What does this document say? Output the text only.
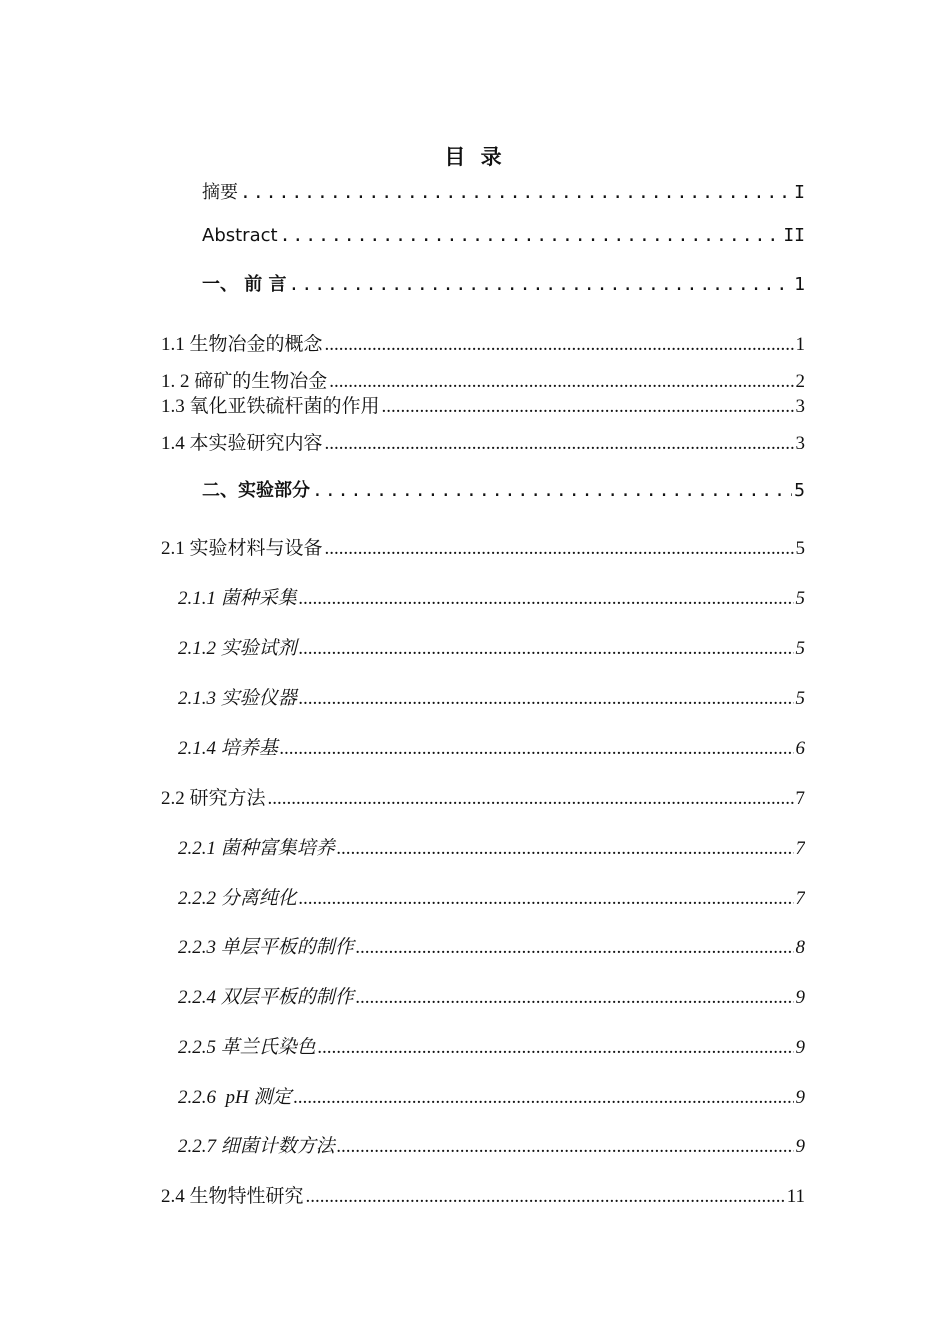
目 录
摘要 .....	I
Abstract .....	II
一、 前 言 .....	1
1.1 生物冶金的概念 .....	1
1. 2 碲矿的生物冶金 .....	2
1.3 氧化亚铁硫杆菌的作用 .....	3
1.4 本实验研究内容 .....	3
二、实验部分 .....	5
2.1 实验材料与设备 .....	5
2.1.1 菌种采集 .....	5
2.1.2 实验试剂 .....	5
2.1.3 实验仪器 .....	5
2.1.4 培养基 .....	6
2.2 研究方法 .....	7
2.2.1 菌种富集培养 .....	7
2.2.2 分离纯化 .....	7
2.2.3 单层平板的制作 .....	8
2.2.4 双层平板的制作 .....	9
2.2.5 革兰氏染色 .....	9
2.2.6  pH 测定 .....	9
2.2.7 细菌计数方法 .....	9
2.4 生物特性研究 .....	11
